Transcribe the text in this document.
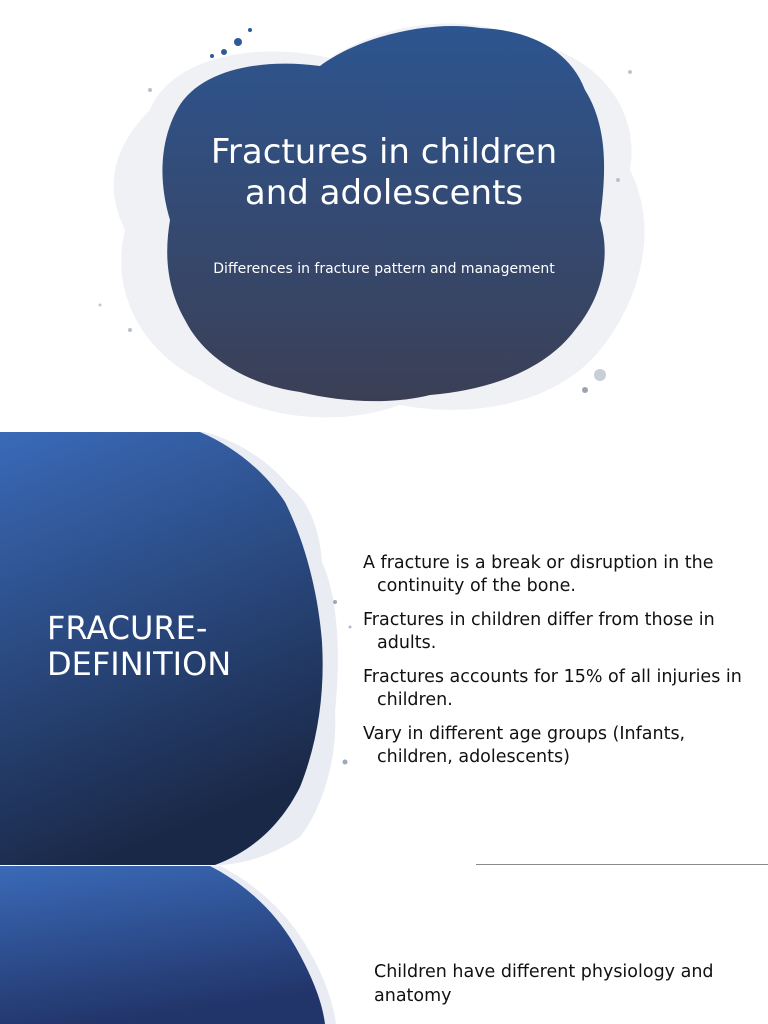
Fractures in children and adolescents

Differences in fracture pattern and management

FRACURE-DEFINITION
A fracture is a break or disruption in the continuity of the bone.
Fractures in children differ from those in adults.
Fractures accounts for 15% of all injuries in children.
Vary in different age groups (Infants, children, adolescents)

Children have different physiology and anatomy
